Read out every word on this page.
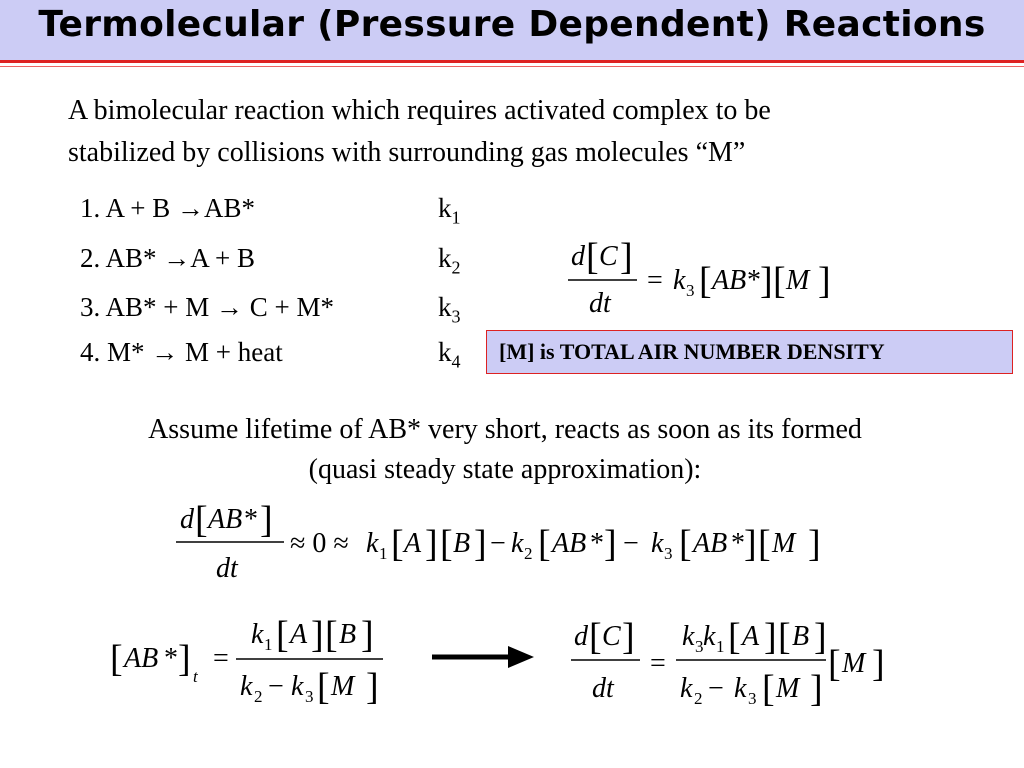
Termolecular (Pressure Dependent) Reactions
A bimolecular reaction which requires activated complex to be
stabilized by collisions with surrounding gas molecules “M”
1. A + B →AB*
2. AB* →A + B
3. AB* + M → C + M*
4. M* → M + heat
$k_1$
$k_2$
$k_3$
$k_4$ [M] is TOTAL AIR NUMBER DENSITY
Assume lifetime of AB* very short, reacts as soon as its formed
(quasi steady state approximation):
d [ C ]
dt
= k 3 [ AB * ] [ M ]
d [ AB * ]
dt
≈ 0 ≈ k 1 [ A ] [ B ] − k 2 [ AB * ] − k 3 [ AB * ] [ M ]
[ AB * ] t
=
k 1 [ A ] [ B ]
k 2 − k 3 [ M ]
d [ C ]
dt
=
k 3 k 1 [ A ] [ B ]
k 2 − k 3 [ M ]
[ M ]
